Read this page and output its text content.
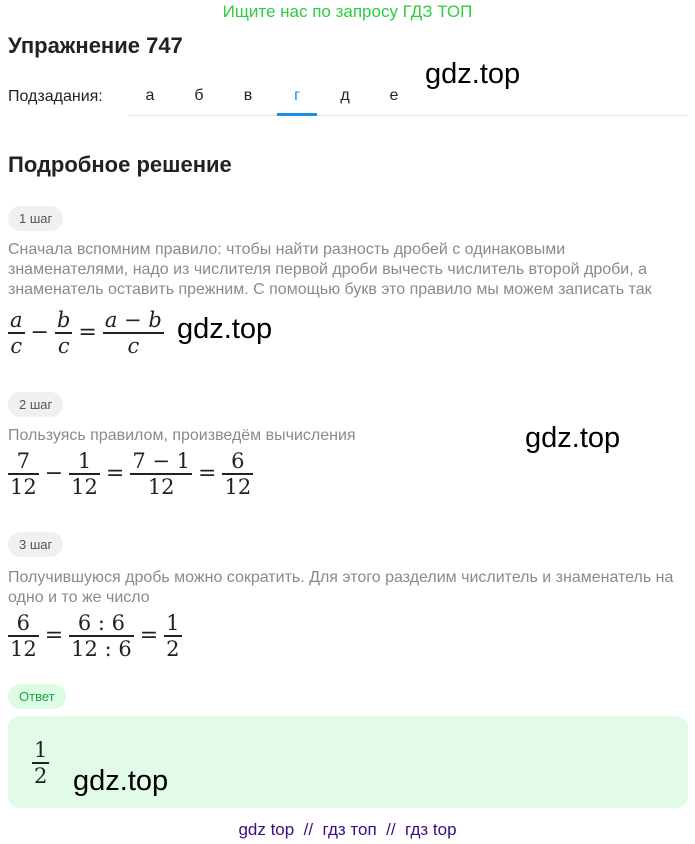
Ищите нас по запросу ГДЗ ТОП
Упражнение 747
gdz.top
Подзадания:	а	б	в	г	д	е
Подробное решение
1 шаг
Сначала вспомним правило: чтобы найти разность дробей с одинаковыми знаменателями, надо из числителя первой дроби вычесть числитель второй дроби, а знаменатель оставить прежним. С помощью букв это правило мы можем записать так
$\frac{a}{c} - \frac{b}{c} = \frac{a - b}{c} gdz.top$
2 шаг
Пользуясь правилом, произведём вычисления	gdz.top
$\frac{7}{12} - \frac{1}{12} = \frac{7 - 1}{12} = \frac{6}{12}$
3 шаг
Получившуюся дробь можно сократить. Для этого разделим числитель и знаменатель на одно и то же число
$\frac{6}{12} = \frac{6 : 6}{12 : 6} = \frac{1}{2}$
Ответ
$\frac{1}{2} gdz.top$
gdz top  //  гдз топ  //  гдз top
